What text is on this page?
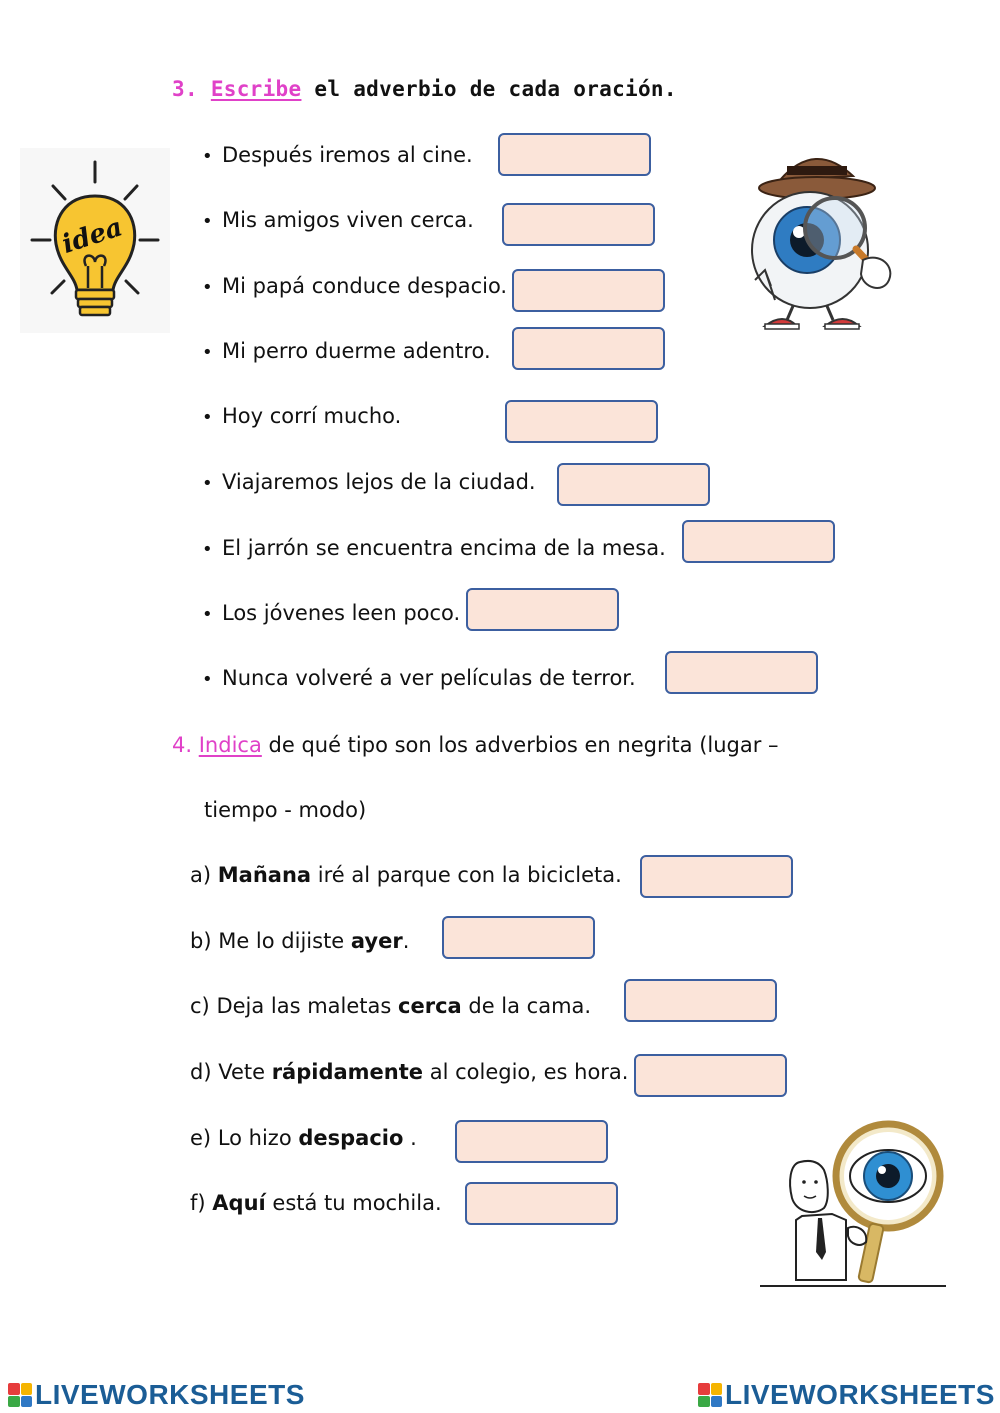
3. Escribe el adverbio de cada oración.
• Después iremos al cine.
• Mis amigos viven cerca.
• Mi papá conduce despacio.
• Mi perro duerme adentro.
• Hoy corrí mucho.
• Viajaremos lejos de la ciudad.
• El jarrón se encuentra encima de la mesa.
• Los jóvenes leen poco.
• Nunca volveré a ver películas de terror.
4. Indica de qué tipo son los adverbios en negrita (lugar –
tiempo - modo)
a) Mañana iré al parque con la bicicleta.
b) Me lo dijiste ayer.
c) Deja las maletas cerca de la cama.
d) Vete rápidamente al colegio, es hora.
e) Lo hizo despacio .
f) Aquí está tu mochila.
idea
LIVEWORKSHEETS	LIVEWORKSHEETS
